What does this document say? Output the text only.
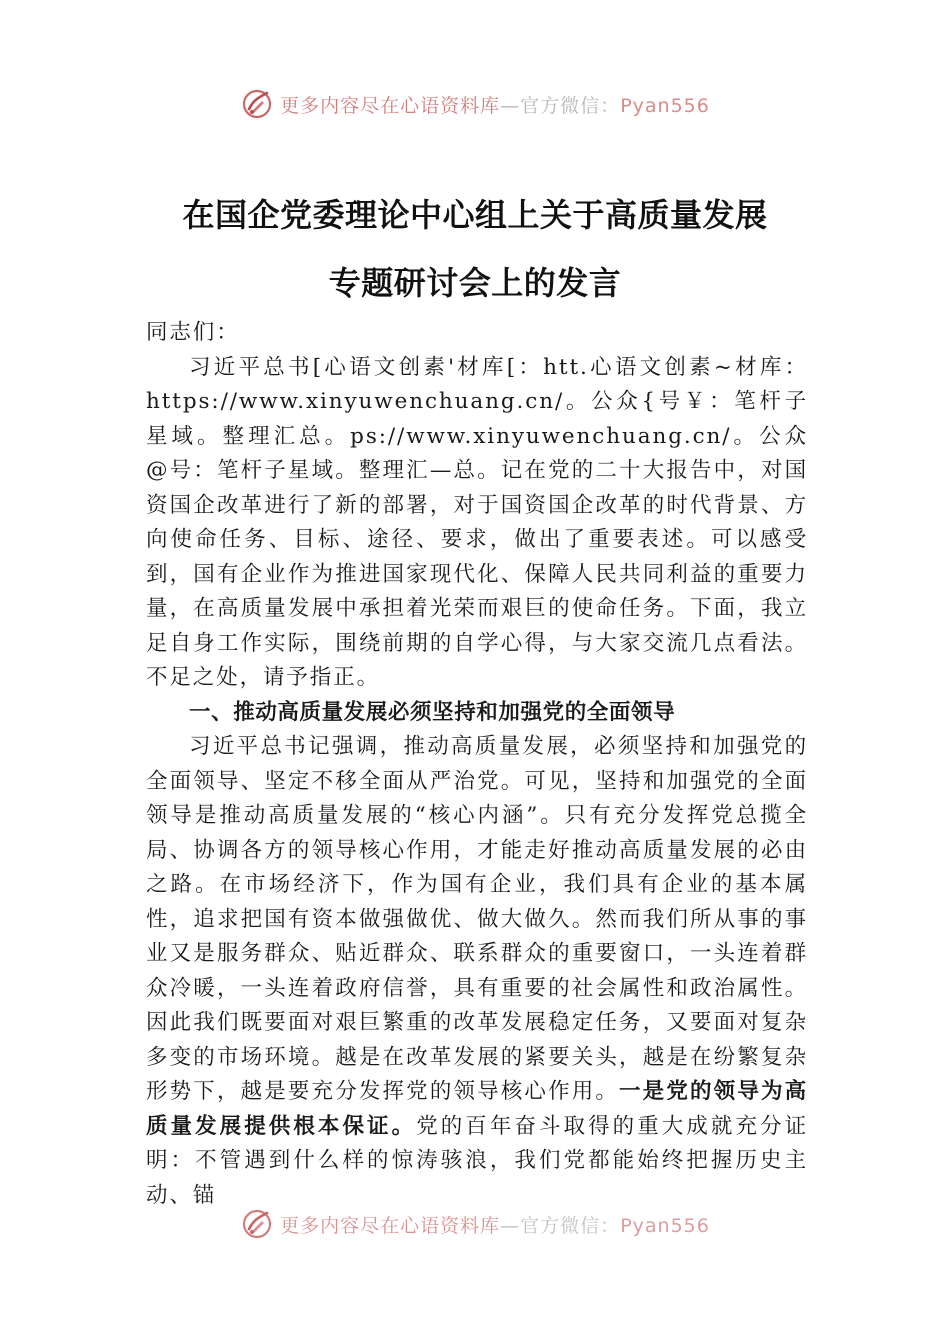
更多内容尽在心语资料库—官方微信：Pyan556
在国企党委理论中心组上关于高质量发展
专题研讨会上的发言

同志们：

习近平总书[心语文创素'材库[：htt.心语文创素~材库：https://www.xinyuwenchuang.cn/。公众{号￥：笔杆子星域。整理汇总。ps://www.xinyuwenchuang.cn/。公众@号：笔杆子星域。整理汇—总。记在党的二十大报告中，对国资国企改革进行了新的部署，对于国资国企改革的时代背景、方向使命任务、目标、途径、要求，做出了重要表述。可以感受到，国有企业作为推进国家现代化、保障人民共同利益的重要力量，在高质量发展中承担着光荣而艰巨的使命任务。下面，我立足自身工作实际，围绕前期的自学心得，与大家交流几点看法。不足之处，请予指正。

一、推动高质量发展必须坚持和加强党的全面领导

习近平总书记强调，推动高质量发展，必须坚持和加强党的全面领导、坚定不移全面从严治党。可见，坚持和加强党的全面领导是推动高质量发展的“核心内涵”。只有充分发挥党总揽全局、协调各方的领导核心作用，才能走好推动高质量发展的必由之路。在市场经济下，作为国有企业，我们具有企业的基本属性，追求把国有资本做强做优、做大做久。然而我们所从事的事业又是服务群众、贴近群众、联系群众的重要窗口，一头连着群众冷暖，一头连着政府信誉，具有重要的社会属性和政治属性。因此我们既要面对艰巨繁重的改革发展稳定任务，又要面对复杂多变的市场环境。越是在改革发展的紧要关头，越是在纷繁复杂形势下，越是要充分发挥党的领导核心作用。一是党的领导为高质量发展提供根本保证。党的百年奋斗取得的重大成就充分证明：不管遇到什么样的惊涛骇浪，我们党都能始终把握历史主动、锚

更多内容尽在心语资料库—官方微信：Pyan556
